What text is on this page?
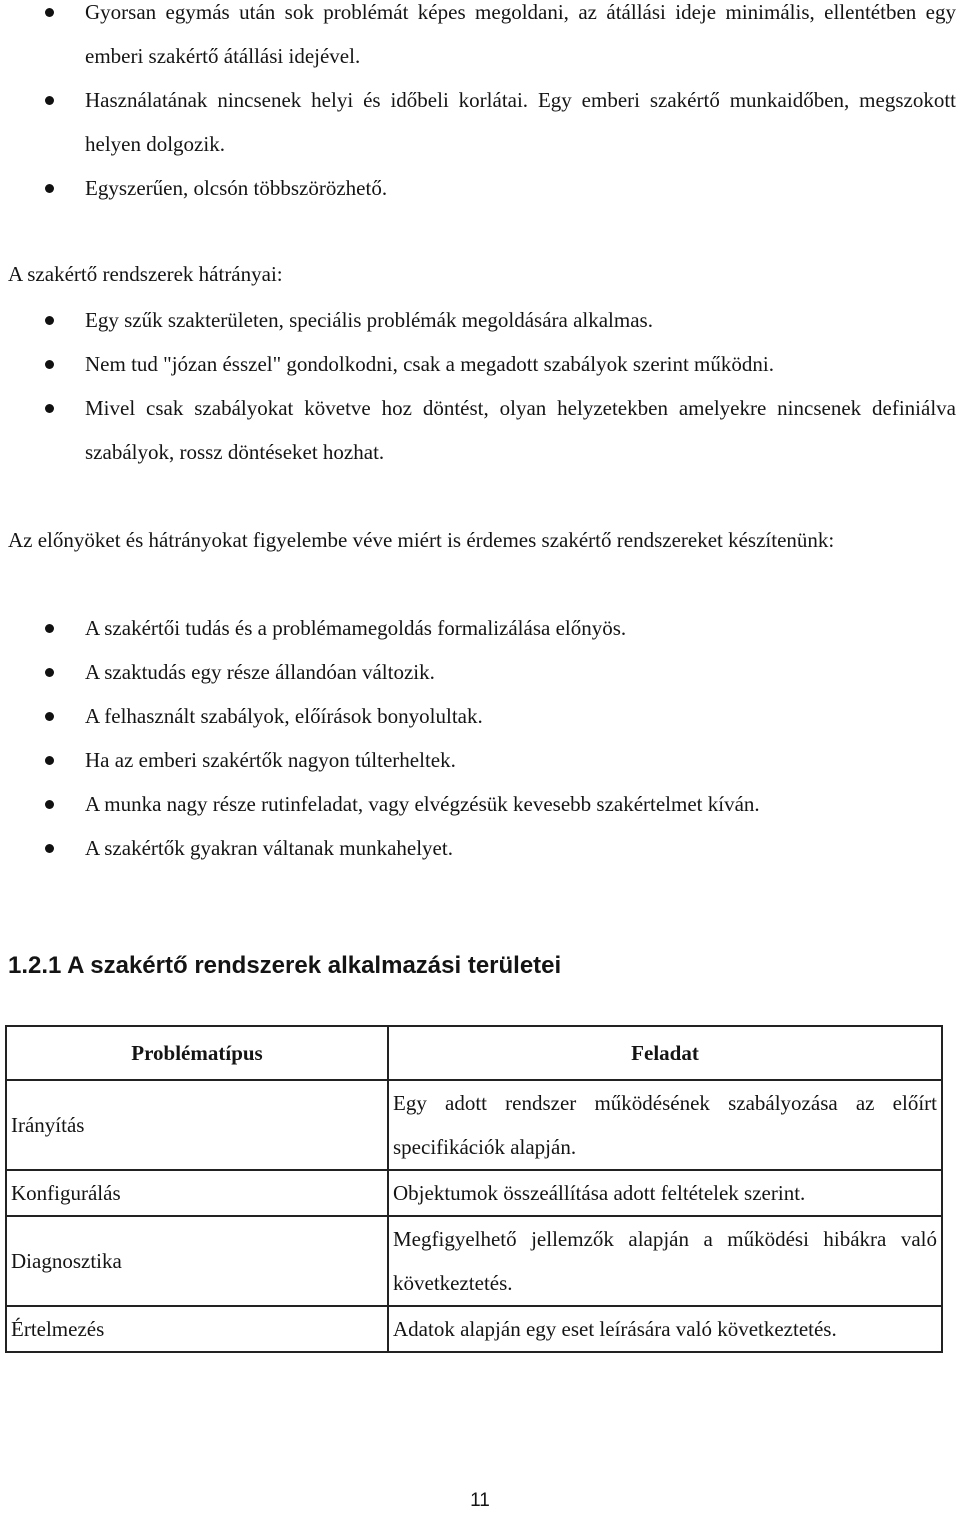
Gyorsan egymás után sok problémát képes megoldani, az átállási ideje minimális, ellentétben egy emberi szakértő átállási idejével.
Használatának nincsenek helyi és időbeli korlátai. Egy emberi szakértő munkaidőben, megszokott helyen dolgozik.
Egyszerűen, olcsón többszörözhető.

A szakértő rendszerek hátrányai:

Egy szűk szakterületen, speciális problémák megoldására alkalmas.
Nem tud "józan ésszel" gondolkodni, csak a megadott szabályok szerint működni.
Mivel csak szabályokat követve hoz döntést, olyan helyzetekben amelyekre nincsenek definiálva szabályok, rossz döntéseket hozhat.

Az előnyöket és hátrányokat figyelembe véve miért is érdemes szakértő rendszereket készítenünk:

A szakértői tudás és a problémamegoldás formalizálása előnyös.
A szaktudás egy része állandóan változik.
A felhasznált szabályok, előírások bonyolultak.
Ha az emberi szakértők nagyon túlterheltek.
A munka nagy része rutinfeladat, vagy elvégzésük kevesebb szakértelmet kíván.
A szakértők gyakran váltanak munkahelyet.
1.2.1 A szakértő rendszerek alkalmazási területei
Problématípus	Feladat
Irányítás	Egy adott rendszer működésének szabályozása az előírt specifikációk alapján.
Konfigurálás	Objektumok összeállítása adott feltételek szerint.
Diagnosztika	Megfigyelhető jellemzők alapján a működési hibákra való következtetés.
Értelmezés	Adatok alapján egy eset leírására való következtetés.
11
